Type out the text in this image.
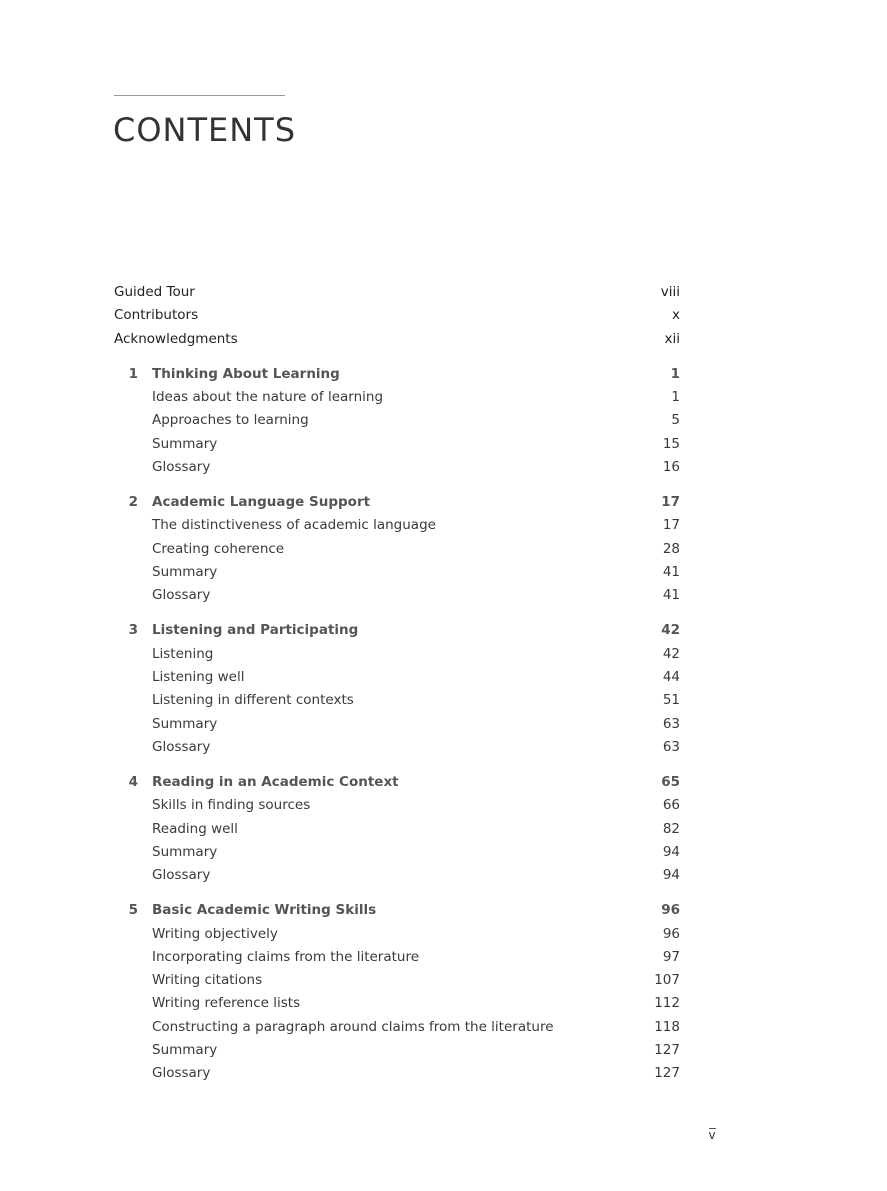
CONTENTS
Guided Tour	viii
Contributors	x
Acknowledgments	xii
1 Thinking About Learning	1
Ideas about the nature of learning	1
Approaches to learning	5
Summary	15
Glossary	16
2 Academic Language Support	17
The distinctiveness of academic language	17
Creating coherence	28
Summary	41
Glossary	41
3 Listening and Participating	42
Listening	42
Listening well	44
Listening in different contexts	51
Summary	63
Glossary	63
4 Reading in an Academic Context	65
Skills in finding sources	66
Reading well	82
Summary	94
Glossary	94
5 Basic Academic Writing Skills	96
Writing objectively	96
Incorporating claims from the literature	97
Writing citations	107
Writing reference lists	112
Constructing a paragraph around claims from the literature	118
Summary	127
Glossary	127
v
